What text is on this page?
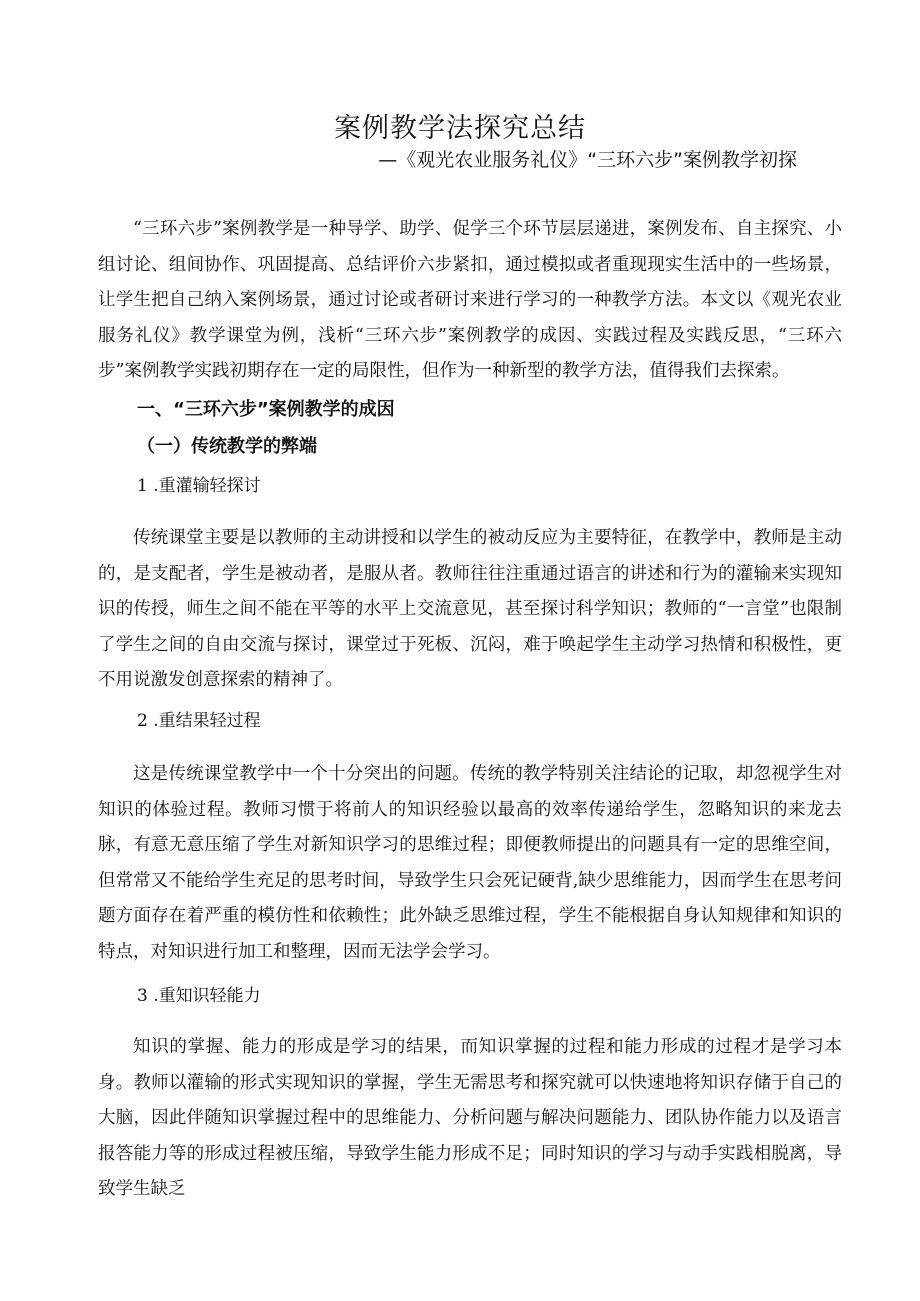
案例教学法探究总结
—《观光农业服务礼仪》“三环六步”案例教学初探

“三环六步”案例教学是一种导学、助学、促学三个环节层层递进，案例发布、自主探究、小组讨论、组间协作、巩固提高、总结评价六步紧扣，通过模拟或者重现现实生活中的一些场景，让学生把自己纳入案例场景，通过讨论或者研讨来进行学习的一种教学方法。本文以《观光农业服务礼仪》教学课堂为例，浅析“三环六步”案例教学的成因、实践过程及实践反思，“三环六步”案例教学实践初期存在一定的局限性，但作为一种新型的教学方法，值得我们去探索。

一、“三环六步”案例教学的成因
（一）传统教学的弊端
1 .重灌输轻探讨

传统课堂主要是以教师的主动讲授和以学生的被动反应为主要特征，在教学中，教师是主动的，是支配者，学生是被动者，是服从者。教师往往注重通过语言的讲述和行为的灌输来实现知识的传授，师生之间不能在平等的水平上交流意见，甚至探讨科学知识；教师的“一言堂”也限制了学生之间的自由交流与探讨，课堂过于死板、沉闷，难于唤起学生主动学习热情和积极性，更不用说激发创意探索的精神了。

2 .重结果轻过程

这是传统课堂教学中一个十分突出的问题。传统的教学特别关注结论的记取，却忽视学生对知识的体验过程。教师习惯于将前人的知识经验以最高的效率传递给学生，忽略知识的来龙去脉，有意无意压缩了学生对新知识学习的思维过程；即便教师提出的问题具有一定的思维空间，但常常又不能给学生充足的思考时间，导致学生只会死记硬背,缺少思维能力，因而学生在思考问题方面存在着严重的模仿性和依赖性；此外缺乏思维过程，学生不能根据自身认知规律和知识的特点，对知识进行加工和整理，因而无法学会学习。

3 .重知识轻能力

知识的掌握、能力的形成是学习的结果，而知识掌握的过程和能力形成的过程才是学习本身。教师以灌输的形式实现知识的掌握，学生无需思考和探究就可以快速地将知识存储于自己的大脑，因此伴随知识掌握过程中的思维能力、分析问题与解决问题能力、团队协作能力以及语言报答能力等的形成过程被压缩，导致学生能力形成不足；同时知识的学习与动手实践相脱离，导致学生缺乏
